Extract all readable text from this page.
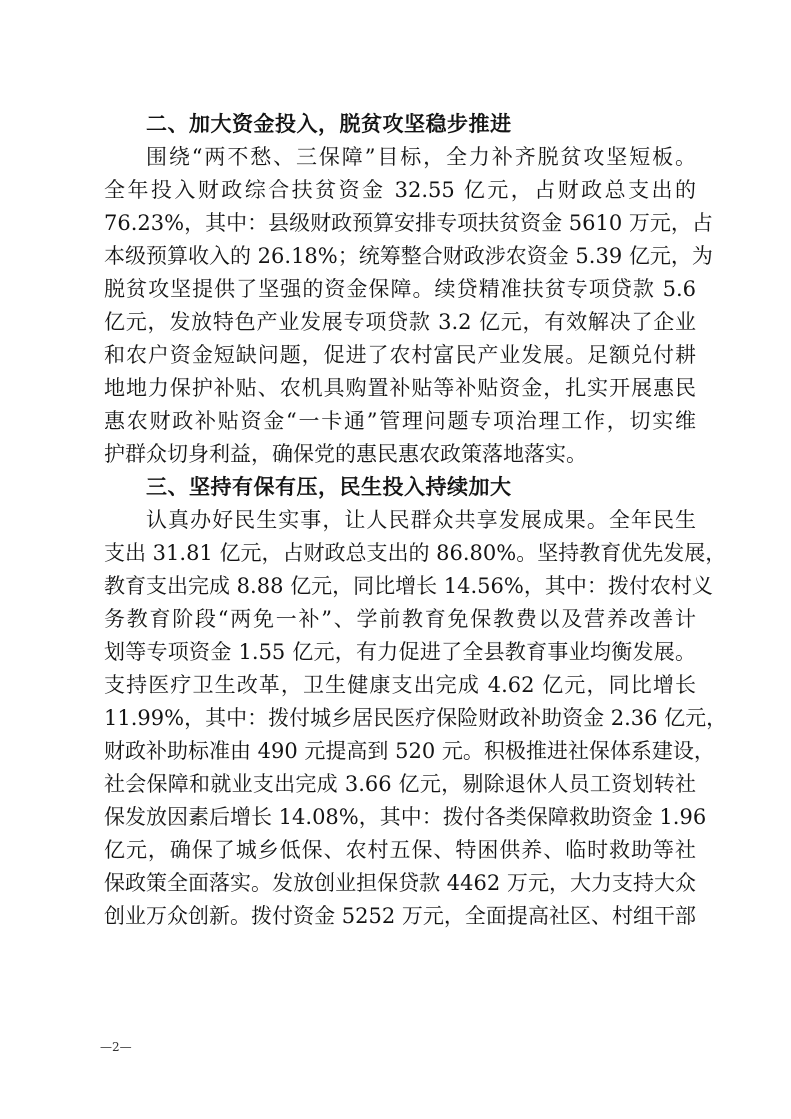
二、加大资金投入，脱贫攻坚稳步推进
围绕“两不愁、三保障”目标，全力补齐脱贫攻坚短板。
全年投入财政综合扶贫资金 32.55 亿元，占财政总支出的
76.23%，其中：县级财政预算安排专项扶贫资金 5610 万元，占
本级预算收入的 26.18%；统筹整合财政涉农资金 5.39 亿元，为
脱贫攻坚提供了坚强的资金保障。续贷精准扶贫专项贷款 5.6
亿元，发放特色产业发展专项贷款 3.2 亿元，有效解决了企业
和农户资金短缺问题，促进了农村富民产业发展。足额兑付耕
地地力保护补贴、农机具购置补贴等补贴资金，扎实开展惠民
惠农财政补贴资金“一卡通”管理问题专项治理工作，切实维
护群众切身利益，确保党的惠民惠农政策落地落实。
三、坚持有保有压，民生投入持续加大
认真办好民生实事，让人民群众共享发展成果。全年民生
支出 31.81 亿元，占财政总支出的 86.80%。坚持教育优先发展，
教育支出完成 8.88 亿元，同比增长 14.56%，其中：拨付农村义
务教育阶段“两免一补”、学前教育免保教费以及营养改善计
划等专项资金 1.55 亿元，有力促进了全县教育事业均衡发展。
支持医疗卫生改革，卫生健康支出完成 4.62 亿元，同比增长
11.99%，其中：拨付城乡居民医疗保险财政补助资金 2.36 亿元，
财政补助标准由 490 元提高到 520 元。积极推进社保体系建设，
社会保障和就业支出完成 3.66 亿元，剔除退休人员工资划转社
保发放因素后增长 14.08%，其中：拨付各类保障救助资金 1.96
亿元，确保了城乡低保、农村五保、特困供养、临时救助等社
保政策全面落实。发放创业担保贷款 4462 万元，大力支持大众
创业万众创新。拨付资金 5252 万元，全面提高社区、村组干部
—2—
